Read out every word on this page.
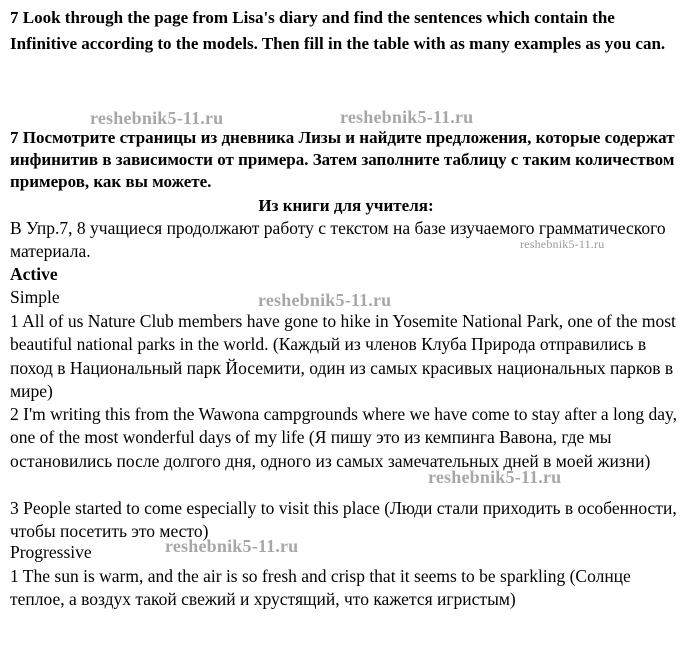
7 Look through the page from Lisa's diary and find the sentences which contain the Infinitive according to the models. Then fill in the table with as many examples as you can.

7 Посмотрите страницы из дневника Лизы и найдите предложения, которые содержат инфинитив в зависимости от примера. Затем заполните таблицу с таким количеством примеров, как вы можете.

Из книги для учителя:
В Упр.7, 8 учащиеся продолжают работу с текстом на базе изучаемого грамматического материала.
Active
Simple
1 All of us Nature Club members have gone to hike in Yosemite National Park, one of the most beautiful national parks in the world. (Каждый из членов Клуба Природа отправились в поход в Национальный парк Йосемити, один из самых красивых национальных парков в мире)
2 I'm writing this from the Wawona campgrounds where we have come to stay after a long day, one of the most wonderful days of my life (Я пишу это из кемпинга Вавона, где мы остановились после долгого дня, одного из самых замечательных дней в моей жизни)
3 People started to come especially to visit this place (Люди стали приходить в особенности, чтобы посетить это место)
Progressive
1 The sun is warm, and the air is so fresh and crisp that it seems to be sparkling (Солнце теплое, а воздух такой свежий и хрустящий, что кажется игристым)
reshebnik5-11.ru	reshebnik5-11.ru
reshebnik5-11.ru
reshebnik5-11.ru
reshebnik5-11.ru
reshebnik5-11.ru
